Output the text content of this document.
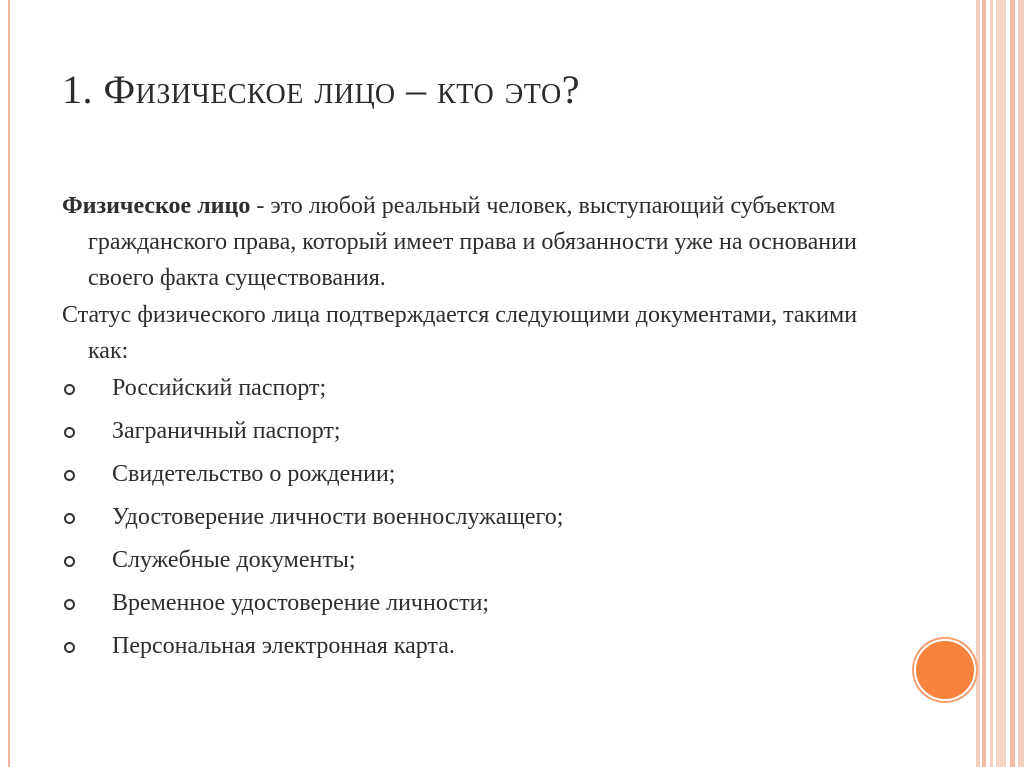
1. Физическое лицо – кто это?

Физическое лицо - это любой реальный человек, выступающий субъектом гражданского права, который имеет права и обязанности уже на основании своего факта существования.

Статус физического лица подтверждается следующими документами, такими как:

Российский паспорт;
Заграничный паспорт;
Свидетельство о рождении;
Удостоверение личности военнослужащего;
Служебные документы;
Временное удостоверение личности;
Персональная электронная карта.
